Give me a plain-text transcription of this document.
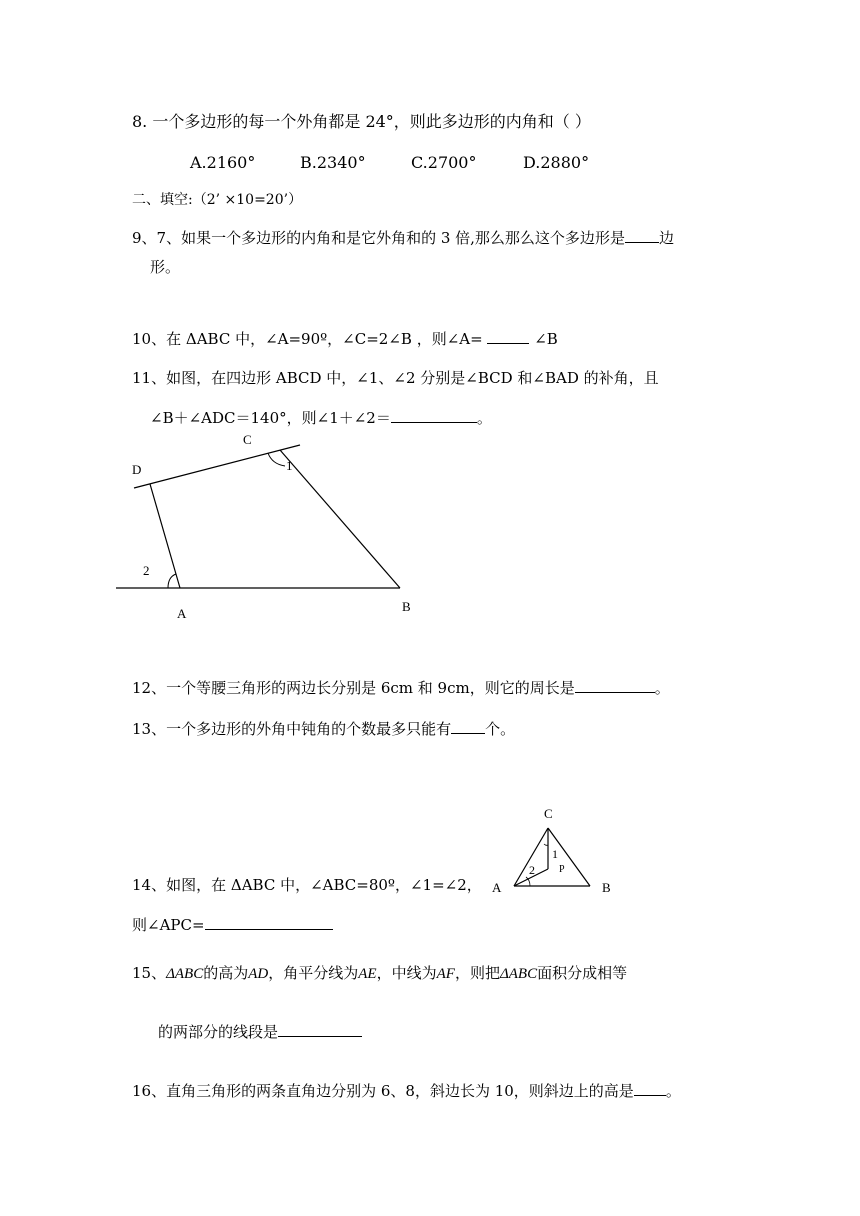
8. 一个多边形的每一个外角都是 24°，则此多边形的内角和（ ）
A.2160°	B.2340°	C.2700°	D.2880°
二、填空:（2’ ×10=20’）
9、7、如果一个多边形的内角和是它外角和的 3 倍,那么那么这个多边形是 边
形。
10、在 ΔABC 中，∠A=90º，∠C=2∠B ，则∠A=	∠B
11、如图，在四边形 ABCD 中，∠1、∠2 分别是∠BCD 和∠BAD 的补角，且
∠B＋∠ADC＝140°，则∠1＋∠2＝	。
C
D
A	B
1
2
12、一个等腰三角形的两边长分别是 6cm 和 9cm，则它的周长是	。
13、一个多边形的外角中钝角的个数最多只能有 个。
C
A	B
P
1
2
14、如图，在 ΔABC 中，∠ABC=80º，∠1=∠2，
则∠APC=
15、ΔABC的高为AD，角平分线为AE，中线为AF，则把ΔABC面积分成相等
的两部分的线段是
16、直角三角形的两条直角边分别为 6、8，斜边长为 10，则斜边上的高是 。
